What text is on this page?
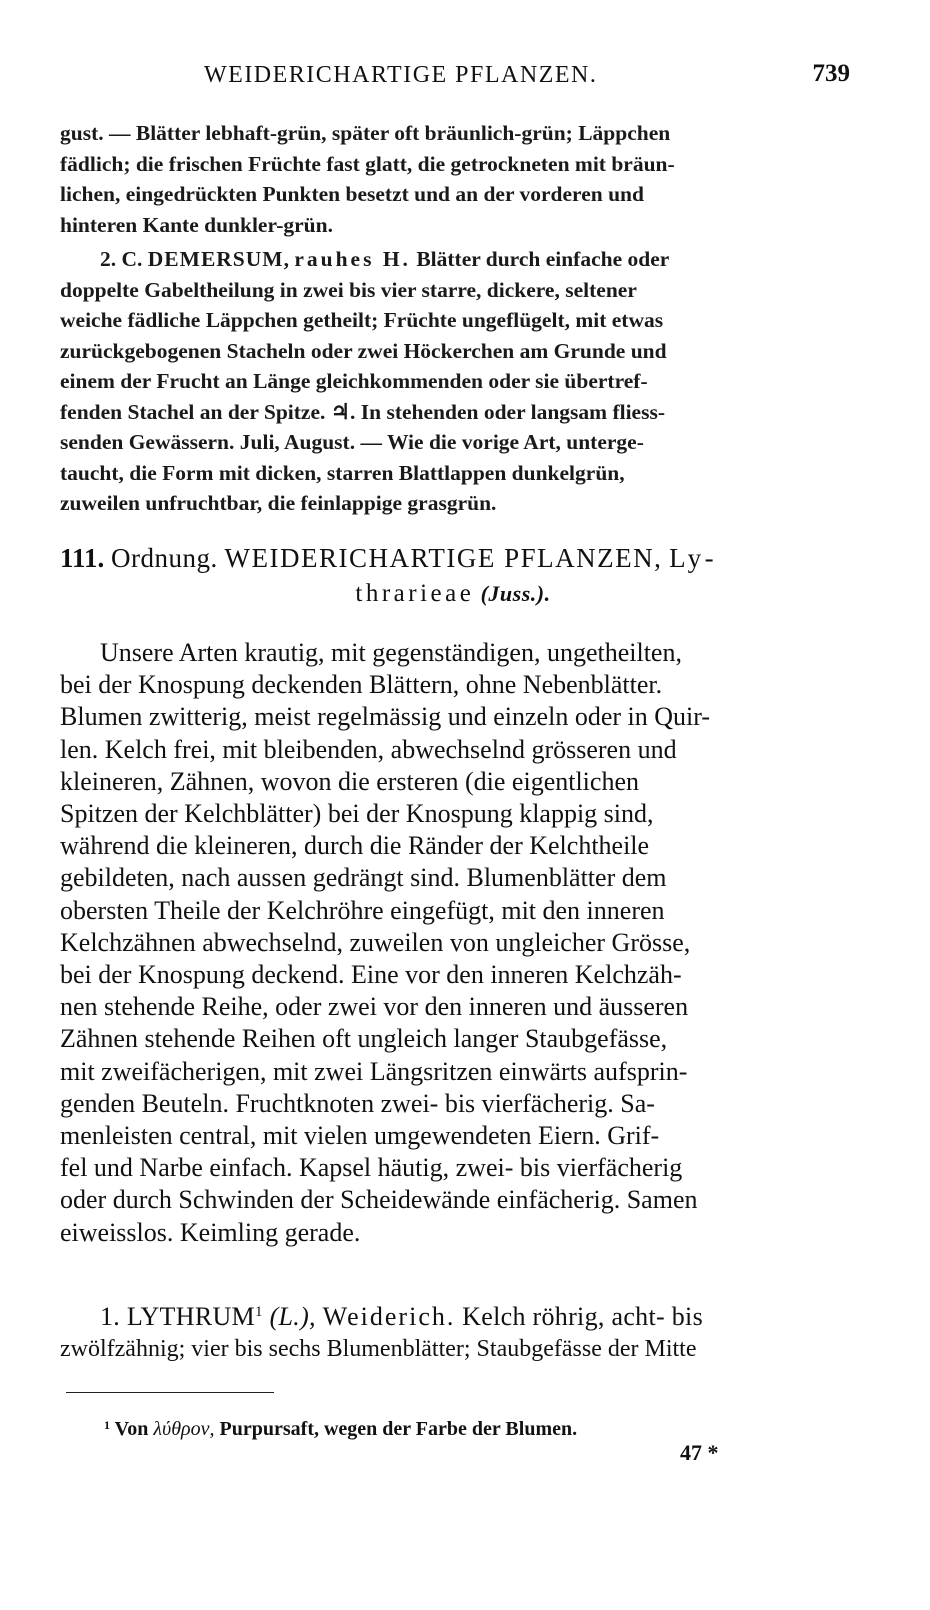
WEIDERICHARTIGE PFLANZEN.	739

gust. — Blätter lebhaft-grün, später oft bräunlich-grün; Läppchen

fädlich; die frischen Früchte fast glatt, die getrockneten mit bräun-

lichen, eingedrückten Punkten besetzt und an der vorderen und

hinteren Kante dunkler-grün.

2. C. DEMERSUM, rauhes H. Blätter durch einfache oder

doppelte Gabeltheilung in zwei bis vier starre, dickere, seltener

weiche fädliche Läppchen getheilt; Früchte ungeflügelt, mit etwas

zurückgebogenen Stacheln oder zwei Höckerchen am Grunde und

einem der Frucht an Länge gleichkommenden oder sie übertref-

fenden Stachel an der Spitze. ♃. In stehenden oder langsam fliess-

senden Gewässern. Juli, August. — Wie die vorige Art, unterge-

taucht, die Form mit dicken, starren Blattlappen dunkelgrün,

zuweilen unfruchtbar, die feinlappige grasgrün.

111. Ordnung. WEIDERICHARTIGE PFLANZEN, Ly-
thrarieae (Juss.).

Unsere Arten krautig, mit gegenständigen, ungetheilten,

bei der Knospung deckenden Blättern, ohne Nebenblätter.

Blumen zwitterig, meist regelmässig und einzeln oder in Quir-

len. Kelch frei, mit bleibenden, abwechselnd grösseren und

kleineren, Zähnen, wovon die ersteren (die eigentlichen

Spitzen der Kelchblätter) bei der Knospung klappig sind,

während die kleineren, durch die Ränder der Kelchtheile

gebildeten, nach aussen gedrängt sind. Blumenblätter dem

obersten Theile der Kelchröhre eingefügt, mit den inneren

Kelchzähnen abwechselnd, zuweilen von ungleicher Grösse,

bei der Knospung deckend. Eine vor den inneren Kelchzäh-

nen stehende Reihe, oder zwei vor den inneren und äusseren

Zähnen stehende Reihen oft ungleich langer Staubgefässe,

mit zweifächerigen, mit zwei Längsritzen einwärts aufsprin-

genden Beuteln. Fruchtknoten zwei- bis vierfächerig. Sa-

menleisten central, mit vielen umgewendeten Eiern. Grif-

fel und Narbe einfach. Kapsel häutig, zwei- bis vierfächerig

oder durch Schwinden der Scheidewände einfächerig. Samen

eiweisslos. Keimling gerade.

1. LYTHRUM$^1$ (L.), Weiderich. Kelch röhrig, acht- bis

zwölfzähnig; vier bis sechs Blumenblätter; Staubgefässe der Mitte

$^1$ Von λύθρον, Purpursaft, wegen der Farbe der Blumen.
47 *
